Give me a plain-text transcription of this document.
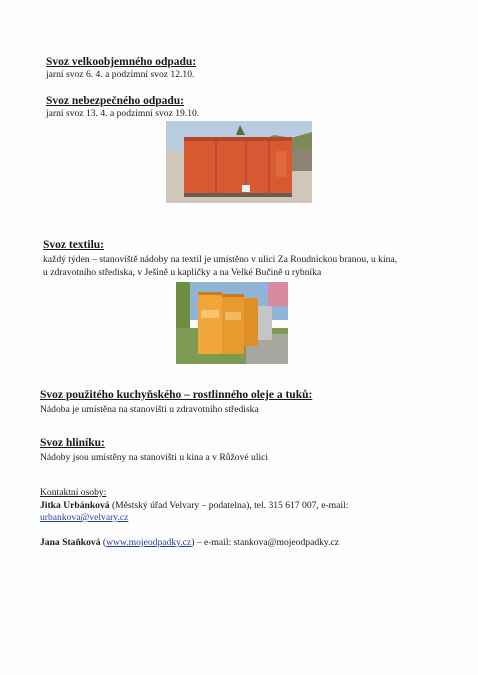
Svoz velkoobjemného odpadu:
jarní svoz 6. 4. a podzimní svoz 12.10.
Svoz nebezpečného odpadu:
jarní svoz 13. 4. a podzimní svoz 19.10.
Svoz textilu:
každý týden – stanoviště nádoby na textil je umístěno v ulici Za Roudnickou branou, u kina,
u zdravotního střediska, v Ješině u kapličky a na Velké Bučině u rybníka
Svoz použitého kuchyňského – rostlinného oleje a tuků:
Nádoba je umístěna na stanovišti u zdravotního střediska
Svoz hliníku:
Nádoby jsou umístěny na stanovišti u kina a v Růžové ulici
Kontaktní osoby:
Jitka Urbánková (Městský úřad Velvary – podatelna), tel. 315 617 007, e-mail:
urbankova@velvary.cz
Jana Staňková (www.mojeodpadky.cz) – e-mail: stankova@mojeodpadky.cz
